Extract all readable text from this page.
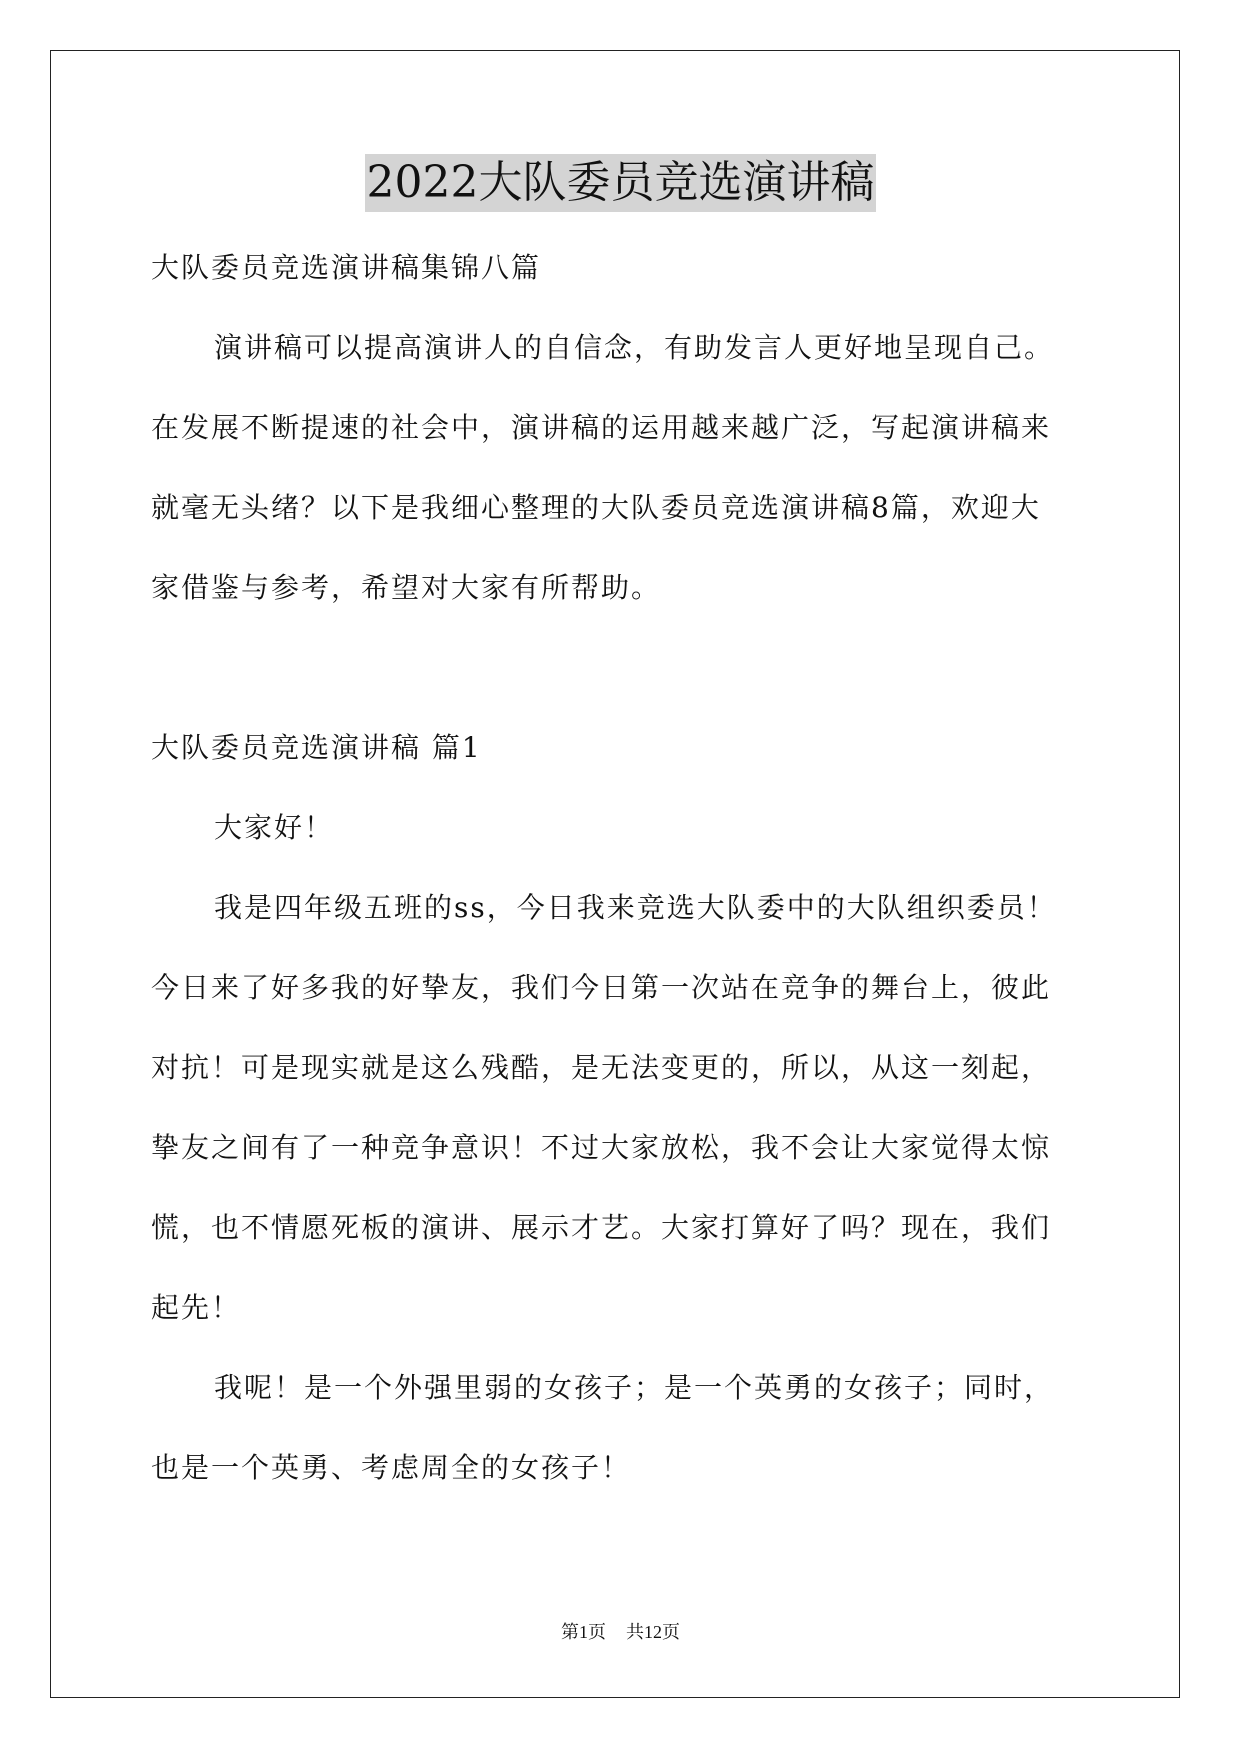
2022大队委员竞选演讲稿
大队委员竞选演讲稿集锦八篇
演讲稿可以提高演讲人的自信念，有助发言人更好地呈现自己。
在发展不断提速的社会中，演讲稿的运用越来越广泛，写起演讲稿来
就毫无头绪？以下是我细心整理的大队委员竞选演讲稿8篇，欢迎大
家借鉴与参考，希望对大家有所帮助。
大队委员竞选演讲稿 篇1
大家好！
我是四年级五班的ss，今日我来竞选大队委中的大队组织委员！
今日来了好多我的好挚友，我们今日第一次站在竞争的舞台上，彼此
对抗！可是现实就是这么残酷，是无法变更的，所以，从这一刻起，
挚友之间有了一种竞争意识！不过大家放松，我不会让大家觉得太惊
慌，也不情愿死板的演讲、展示才艺。大家打算好了吗？现在，我们
起先！
我呢！是一个外强里弱的女孩子；是一个英勇的女孩子；同时，
也是一个英勇、考虑周全的女孩子！
第1页 共12页
